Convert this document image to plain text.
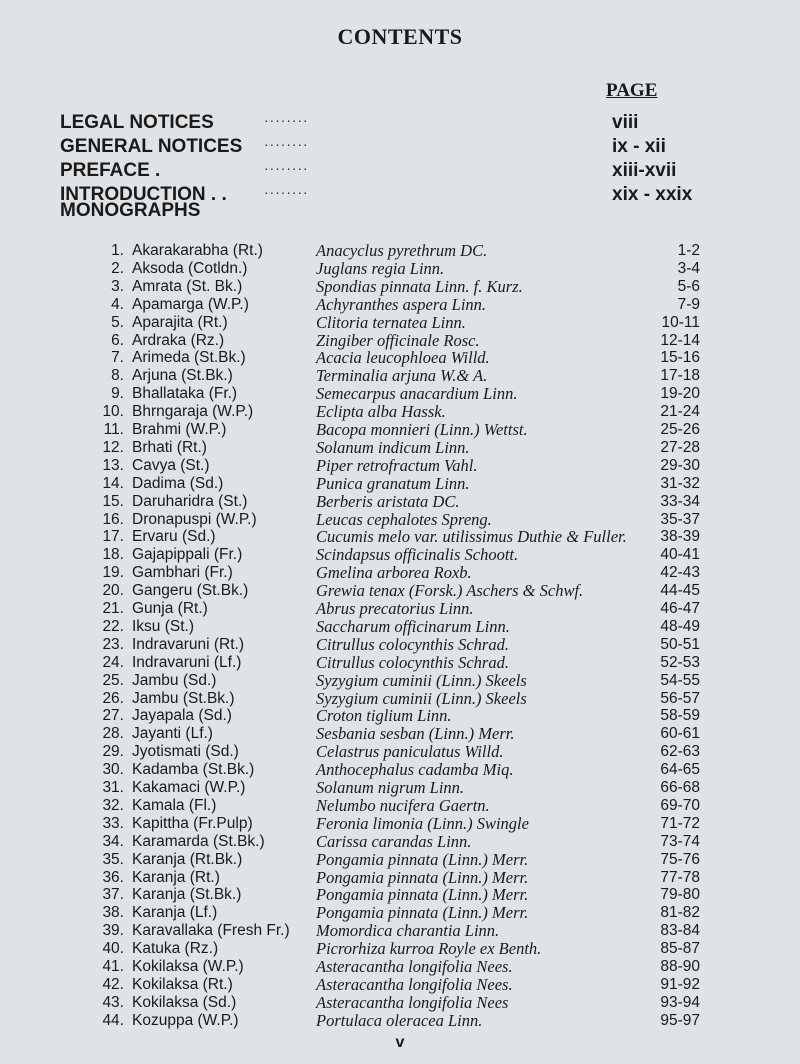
CONTENTS
PAGE
LEGAL NOTICES	. . . . . . . .	viii
GENERAL NOTICES . . . . . . . .	ix - xii
PREFACE .	. . . . . . . .	xiii-xvii
INTRODUCTION . .	. . . . . . . .	xix - xxix
MONOGRAPHS
1. Akarakarabha (Rt.)	Anacyclus pyrethrum DC.	1-2
2. Aksoda (Cotldn.)	Juglans regia Linn.	3-4
3. Amrata (St. Bk.)	Spondias pinnata Linn. f. Kurz.	5-6
4. Apamarga (W.P.)	Achyranthes aspera Linn.	7-9
5. Aparajita (Rt.)	Clitoria ternatea Linn.	10-11
6. Ardraka (Rz.)	Zingiber officinale Rosc.	12-14
7. Arimeda (St.Bk.)	Acacia leucophloea Willd.	15-16
8. Arjuna (St.Bk.)	Terminalia arjuna W.& A.	17-18
9. Bhallataka (Fr.)	Semecarpus anacardium Linn.	19-20
10. Bhrngaraja (W.P.)	Eclipta alba Hassk.	21-24
11. Brahmi (W.P.)	Bacopa monnieri (Linn.) Wettst.	25-26
12. Brhati (Rt.)	Solanum indicum Linn.	27-28
13. Cavya (St.)	Piper retrofractum Vahl.	29-30
14. Dadima (Sd.)	Punica granatum Linn.	31-32
15. Daruharidra (St.)	Berberis aristata DC.	33-34
16. Dronapuspi (W.P.)	Leucas cephalotes Spreng.	35-37
17. Ervaru (Sd.)	Cucumis melo var. utilissimus Duthie & Fuller.	38-39
18. Gajapippali (Fr.)	Scindapsus officinalis Schoott.	40-41
19. Gambhari (Fr.)	Gmelina arborea Roxb.	42-43
20. Gangeru (St.Bk.)	Grewia tenax (Forsk.) Aschers & Schwf.	44-45
21. Gunja (Rt.)	Abrus precatorius Linn.	46-47
22. Iksu (St.)	Saccharum officinarum Linn.	48-49
23. Indravaruni (Rt.)	Citrullus colocynthis Schrad.	50-51
24. Indravaruni (Lf.)	Citrullus colocynthis Schrad.	52-53
25. Jambu (Sd.)	Syzygium cuminii (Linn.) Skeels	54-55
26. Jambu (St.Bk.)	Syzygium cuminii (Linn.) Skeels	56-57
27. Jayapala (Sd.)	Croton tiglium Linn.	58-59
28. Jayanti (Lf.)	Sesbania sesban (Linn.) Merr.	60-61
29. Jyotismati (Sd.)	Celastrus paniculatus Willd.	62-63
30. Kadamba (St.Bk.)	Anthocephalus cadamba Miq.	64-65
31. Kakamaci (W.P.)	Solanum nigrum Linn.	66-68
32. Kamala (Fl.)	Nelumbo nucifera Gaertn.	69-70
33. Kapittha (Fr.Pulp)	Feronia limonia (Linn.) Swingle	71-72
34. Karamarda (St.Bk.)	Carissa carandas Linn.	73-74
35. Karanja (Rt.Bk.)	Pongamia pinnata (Linn.) Merr.	75-76
36. Karanja (Rt.)	Pongamia pinnata (Linn.) Merr.	77-78
37. Karanja (St.Bk.)	Pongamia pinnata (Linn.) Merr.	79-80
38. Karanja (Lf.)	Pongamia pinnata (Linn.) Merr.	81-82
39. Karavallaka (Fresh Fr.) Momordica charantia Linn.	83-84
40. Katuka (Rz.)	Picrorhiza kurroa Royle ex Benth.	85-87
41. Kokilaksa (W.P.)	Asteracantha longifolia Nees.	88-90
42. Kokilaksa (Rt.)	Asteracantha longifolia Nees.	91-92
43. Kokilaksa (Sd.)	Asteracantha longifolia Nees	93-94
44. Kozuppa (W.P.)	Portulaca oleracea Linn.	95-97
v
